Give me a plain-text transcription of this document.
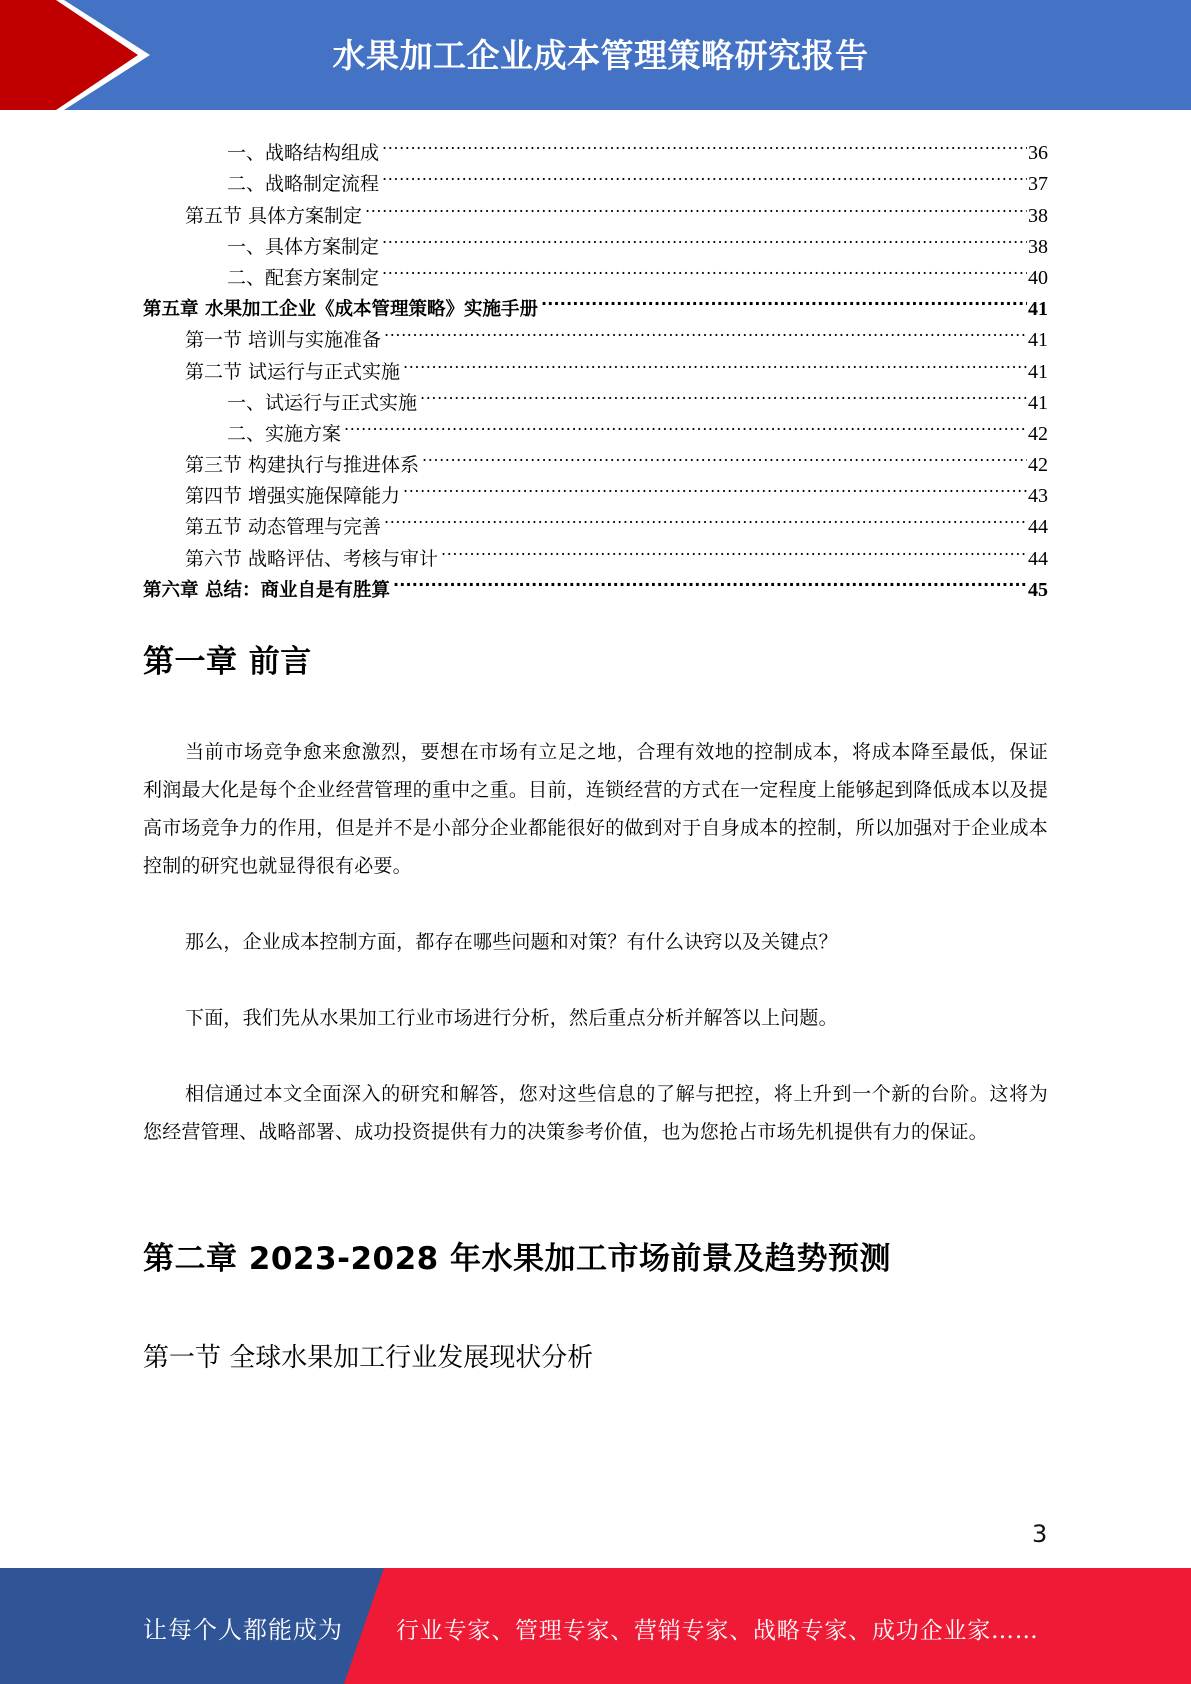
水果加工企业成本管理策略研究报告
一、战略结构组成 .....	36
二、战略制定流程 .....	37
第五节 具体方案制定 .....	38
一、具体方案制定 .....	38
二、配套方案制定 .....	40
第五章 水果加工企业《成本管理策略》实施手册 .....	41
第一节 培训与实施准备 .....	41
第二节 试运行与正式实施 .....	41
一、试运行与正式实施 .....	41
二、实施方案 .....	42
第三节 构建执行与推进体系 .....	42
第四节 增强实施保障能力 .....	43
第五节 动态管理与完善 .....	44
第六节 战略评估、考核与审计 .....	44
第六章 总结：商业自是有胜算 .....	45
第一章 前言
当前市场竞争愈来愈激烈，要想在市场有立足之地，合理有效地的控制成本，将成本降至最低，保证利润最大化是每个企业经营管理的重中之重。目前，连锁经营的方式在一定程度上能够起到降低成本以及提高市场竞争力的作用，但是并不是小部分企业都能很好的做到对于自身成本的控制，所以加强对于企业成本控制的研究也就显得很有必要。
那么，企业成本控制方面，都存在哪些问题和对策？有什么诀窍以及关键点？
下面，我们先从水果加工行业市场进行分析，然后重点分析并解答以上问题。
相信通过本文全面深入的研究和解答，您对这些信息的了解与把控，将上升到一个新的台阶。这将为您经营管理、战略部署、成功投资提供有力的决策参考价值，也为您抢占市场先机提供有力的保证。
第二章 2023-2028 年水果加工市场前景及趋势预测
第一节 全球水果加工行业发展现状分析
3
让每个人都能成为 行业专家、管理专家、营销专家、战略专家、成功企业家……
